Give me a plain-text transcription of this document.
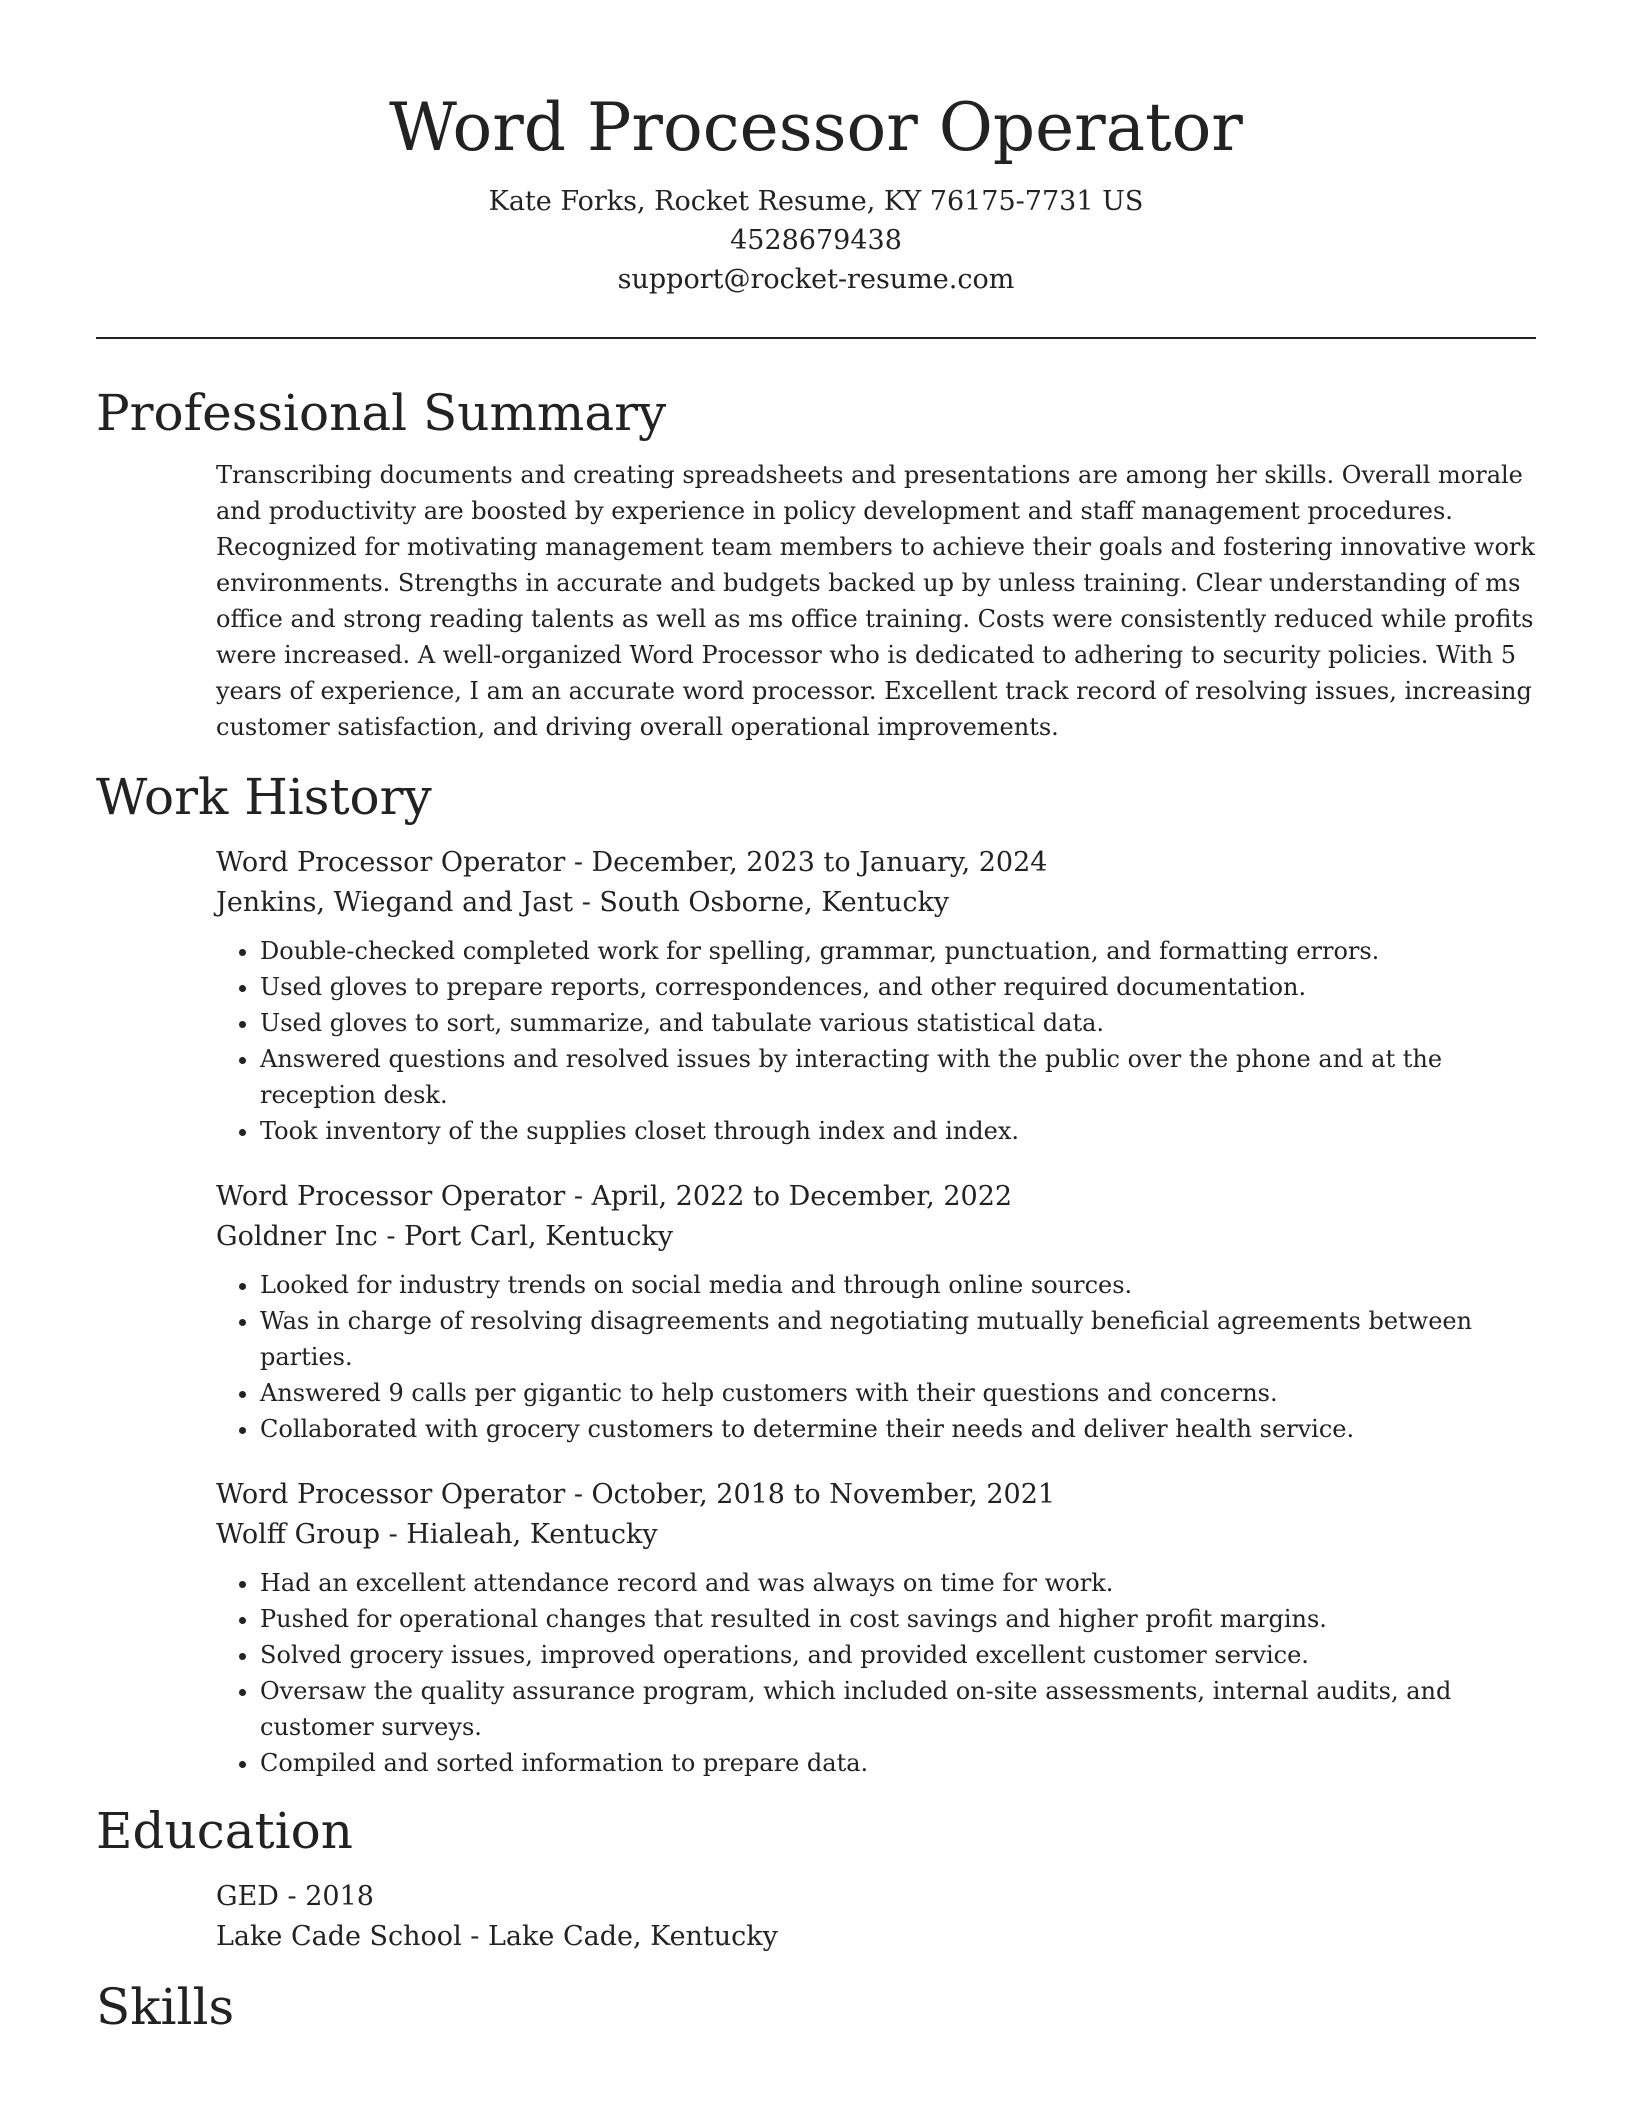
Word Processor Operator
Kate Forks, Rocket Resume, KY 76175-7731 US
4528679438
support@rocket-resume.com
Professional Summary
Transcribing documents and creating spreadsheets and presentations are among her skills. Overall morale and productivity are boosted by experience in policy development and staff management procedures. Recognized for motivating management team members to achieve their goals and fostering innovative work environments. Strengths in accurate and budgets backed up by unless training. Clear understanding of ms office and strong reading talents as well as ms office training. Costs were consistently reduced while profits were increased. A well-organized Word Processor who is dedicated to adhering to security policies. With 5 years of experience, I am an accurate word processor. Excellent track record of resolving issues, increasing customer satisfaction, and driving overall operational improvements.
Work History
Word Processor Operator - December, 2023 to January, 2024
Jenkins, Wiegand and Jast - South Osborne, Kentucky
• Double-checked completed work for spelling, grammar, punctuation, and formatting errors.
• Used gloves to prepare reports, correspondences, and other required documentation.
• Used gloves to sort, summarize, and tabulate various statistical data.
• Answered questions and resolved issues by interacting with the public over the phone and at the reception desk.
• Took inventory of the supplies closet through index and index.
Word Processor Operator - April, 2022 to December, 2022
Goldner Inc - Port Carl, Kentucky
• Looked for industry trends on social media and through online sources.
• Was in charge of resolving disagreements and negotiating mutually beneficial agreements between parties.
• Answered 9 calls per gigantic to help customers with their questions and concerns.
• Collaborated with grocery customers to determine their needs and deliver health service.
Word Processor Operator - October, 2018 to November, 2021
Wolff Group - Hialeah, Kentucky
• Had an excellent attendance record and was always on time for work.
• Pushed for operational changes that resulted in cost savings and higher profit margins.
• Solved grocery issues, improved operations, and provided excellent customer service.
• Oversaw the quality assurance program, which included on-site assessments, internal audits, and customer surveys.
• Compiled and sorted information to prepare data.
Education
GED - 2018
Lake Cade School - Lake Cade, Kentucky
Skills
